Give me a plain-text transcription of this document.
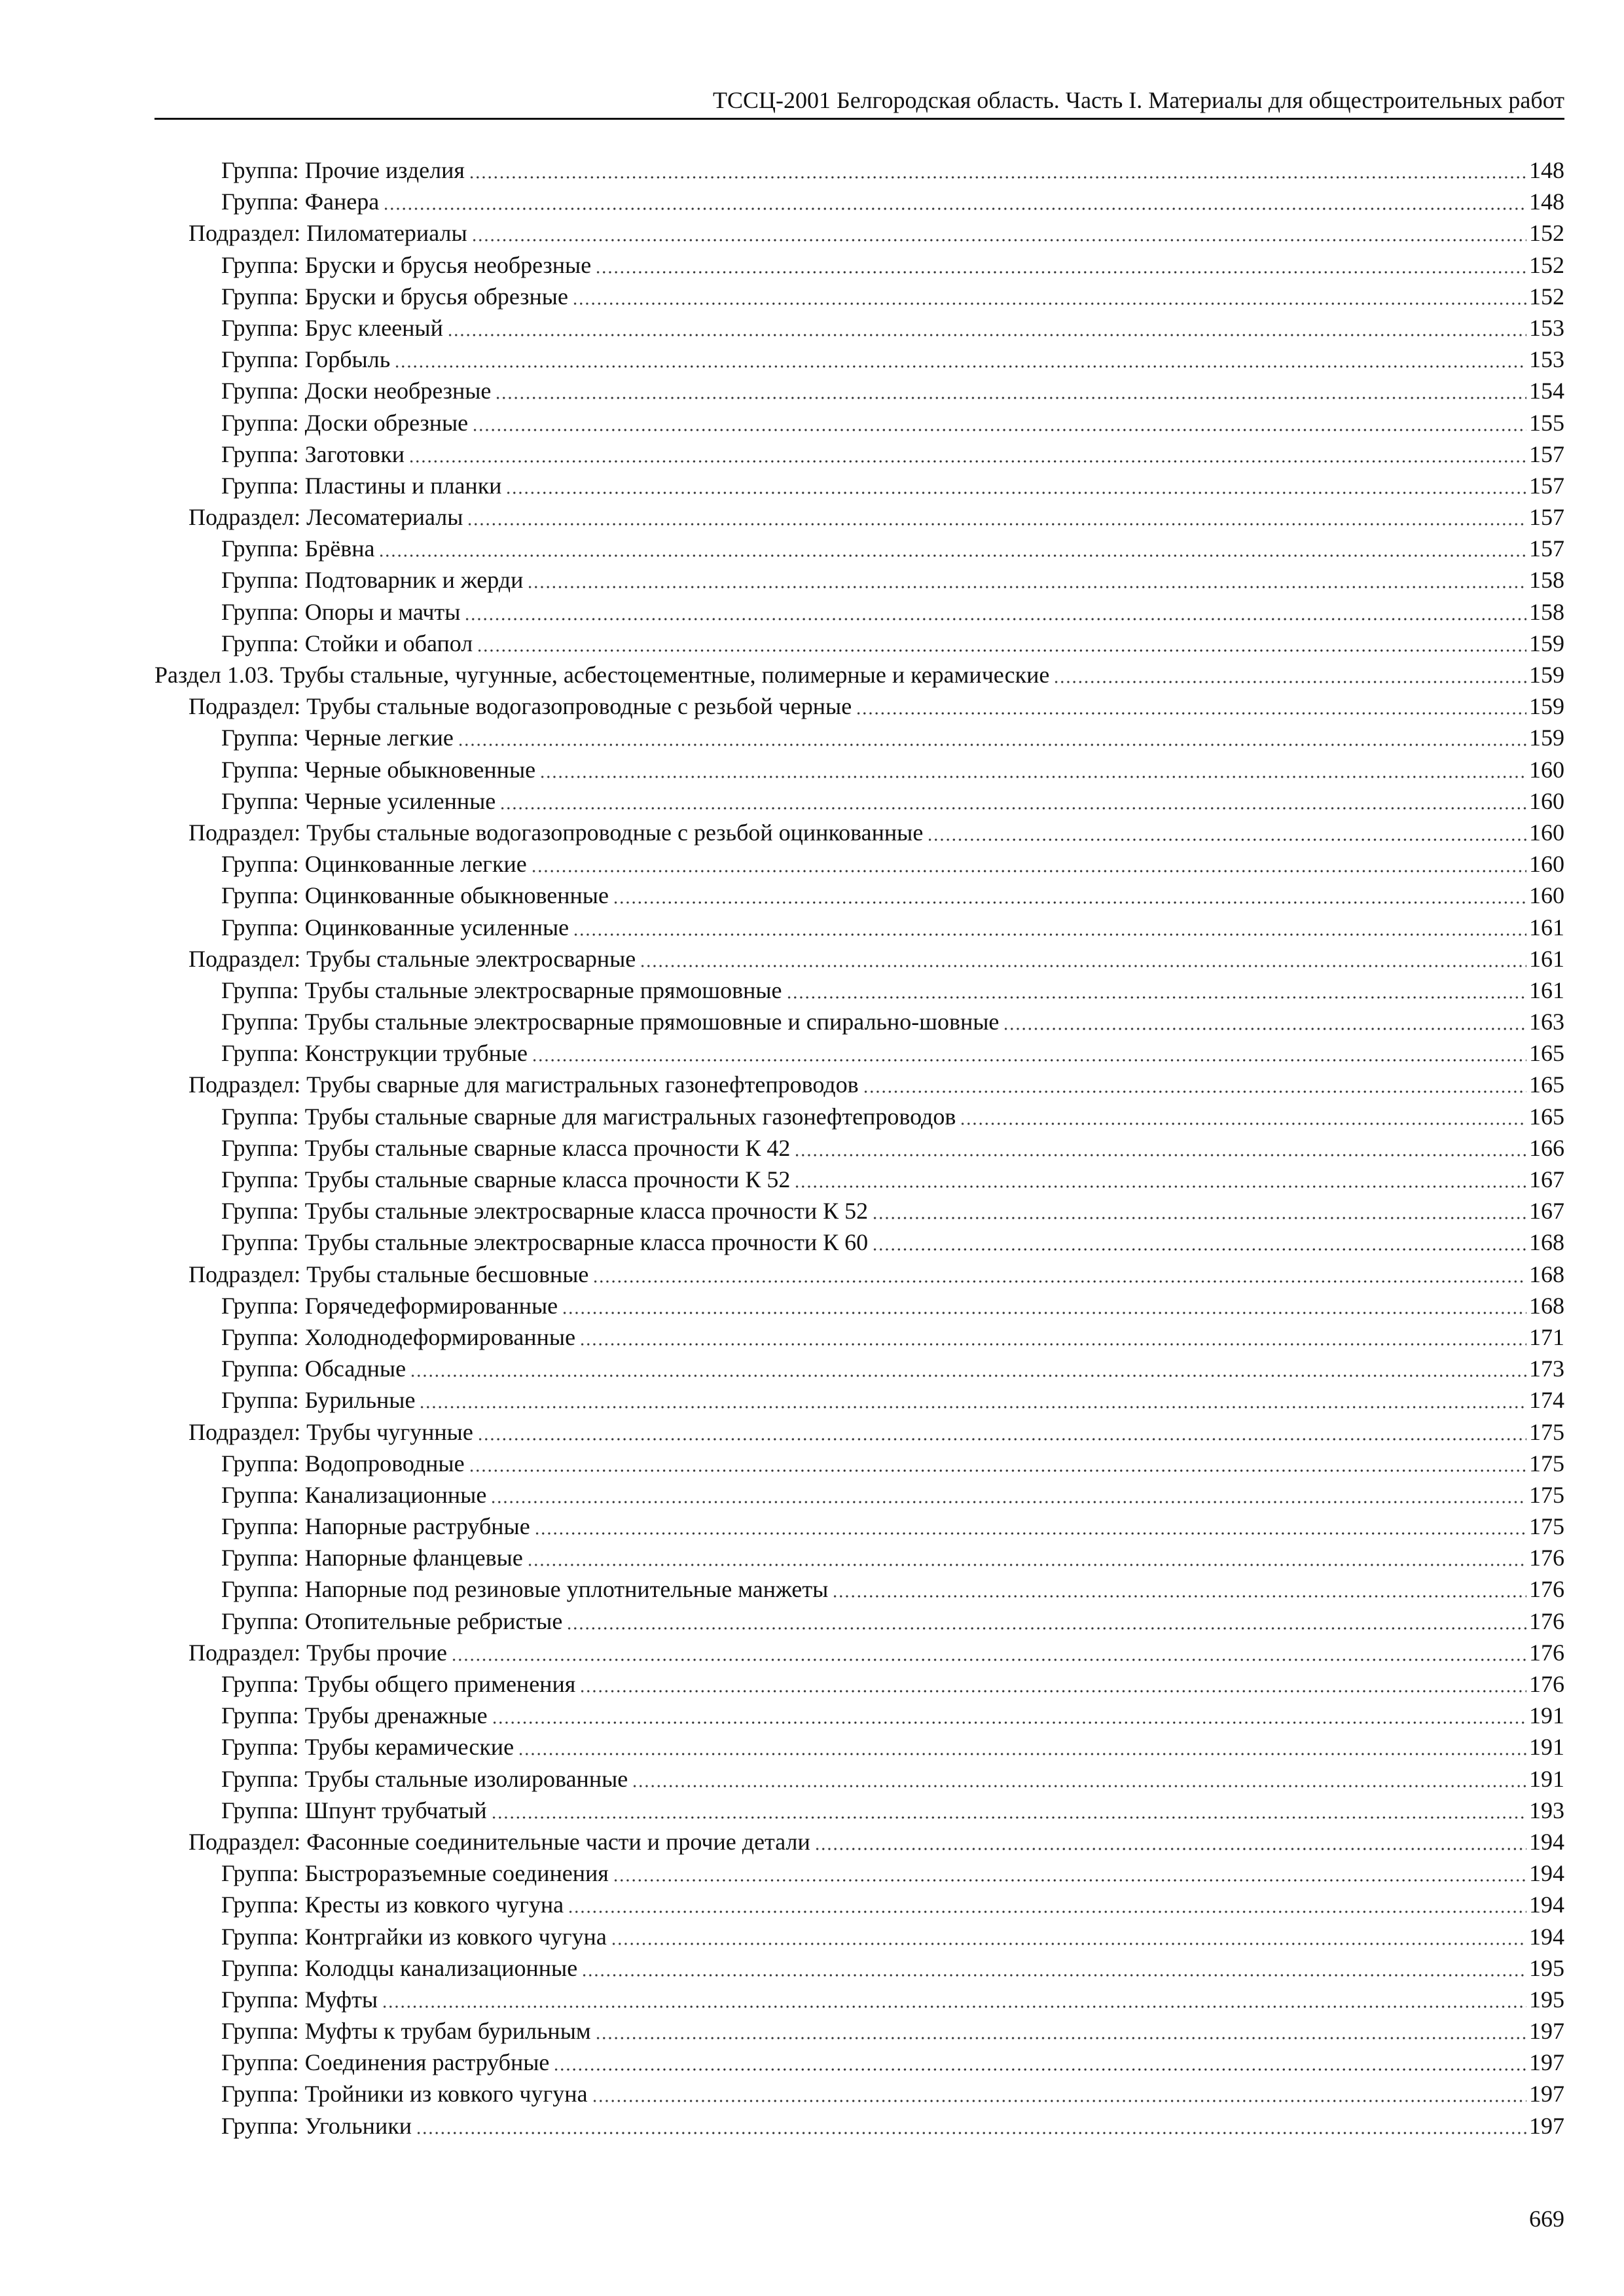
ТССЦ-2001 Белгородская область. Часть I. Материалы для общестроительных работ
Группа: Прочие изделия	148
Группа: Фанера	148
Подраздел: Пиломатериалы	152
Группа: Бруски и брусья необрезные	152
Группа: Бруски и брусья обрезные	152
Группа: Брус клееный	153
Группа: Горбыль	153
Группа: Доски необрезные	154
Группа: Доски обрезные	155
Группа: Заготовки	157
Группа: Пластины и планки	157
Подраздел: Лесоматериалы	157
Группа: Брёвна	157
Группа: Подтоварник и жерди	158
Группа: Опоры и мачты	158
Группа: Стойки и обапол	159
Раздел 1.03. Трубы стальные, чугунные, асбестоцементные, полимерные и керамические	159
Подраздел: Трубы стальные водогазопроводные с резьбой черные	159
Группа: Черные легкие	159
Группа: Черные обыкновенные	160
Группа: Черные усиленные	160
Подраздел: Трубы стальные водогазопроводные с резьбой оцинкованные	160
Группа: Оцинкованные легкие	160
Группа: Оцинкованные обыкновенные	160
Группа: Оцинкованные усиленные	161
Подраздел: Трубы стальные электросварные	161
Группа: Трубы стальные электросварные прямошовные	161
Группа: Трубы стальные электросварные прямошовные и спирально-шовные	163
Группа: Конструкции трубные	165
Подраздел: Трубы сварные для магистральных газонефтепроводов	165
Группа: Трубы стальные сварные для магистральных газонефтепроводов	165
Группа: Трубы стальные сварные класса прочности К 42	166
Группа: Трубы стальные сварные класса прочности К 52	167
Группа: Трубы стальные электросварные класса прочности К 52	167
Группа: Трубы стальные электросварные класса прочности К 60	168
Подраздел: Трубы стальные бесшовные	168
Группа: Горячедеформированные	168
Группа: Холоднодеформированные	171
Группа: Обсадные	173
Группа: Бурильные	174
Подраздел: Трубы чугунные	175
Группа: Водопроводные	175
Группа: Канализационные	175
Группа: Напорные раструбные	175
Группа: Напорные фланцевые	176
Группа: Напорные под резиновые уплотнительные манжеты	176
Группа: Отопительные ребристые	176
Подраздел: Трубы прочие	176
Группа: Трубы общего применения	176
Группа: Трубы дренажные	191
Группа: Трубы керамические	191
Группа: Трубы стальные изолированные	191
Группа: Шпунт трубчатый	193
Подраздел: Фасонные соединительные части и прочие детали	194
Группа: Быстроразъемные соединения	194
Группа: Кресты из ковкого чугуна	194
Группа: Контргайки из ковкого чугуна	194
Группа: Колодцы канализационные	195
Группа: Муфты	195
Группа: Муфты к трубам бурильным	197
Группа: Соединения раструбные	197
Группа: Тройники из ковкого чугуна	197
Группа: Угольники	197
669
